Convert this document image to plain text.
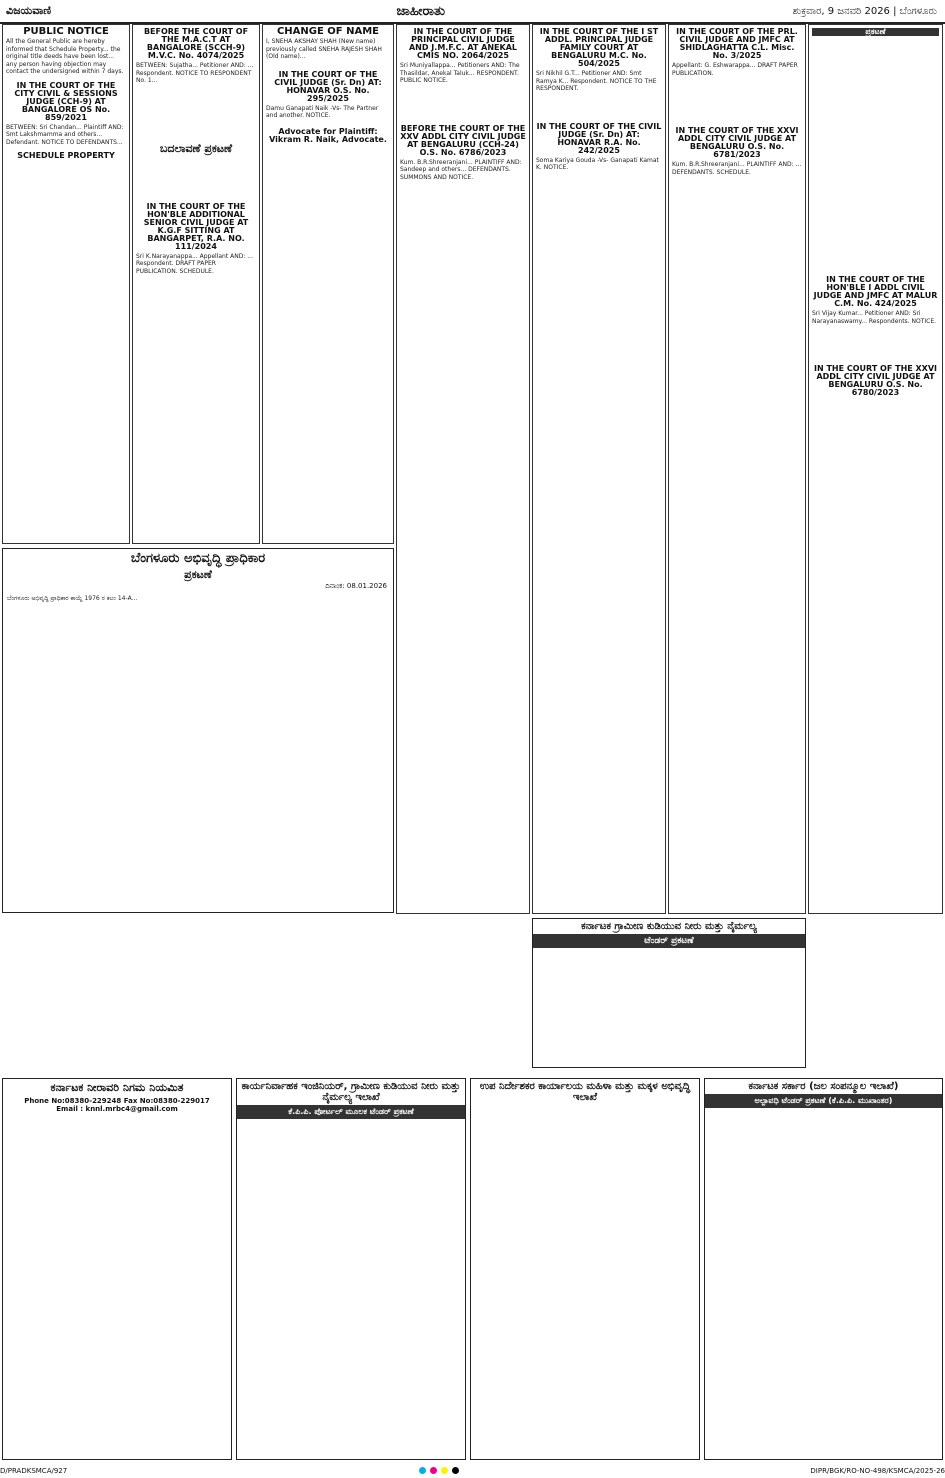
ವಿಜಯವಾಣಿ	ಜಾಹೀರಾತು	ಶುಕ್ರವಾರ, 9 ಜನವರಿ 2026 | ಬೆಂಗಳೂರು
PUBLIC NOTICE
All the General Public are hereby informed that Schedule Property... the original title deeds have been lost... any person having objection may contact the undersigned within 7 days.
IN THE COURT OF THE CITY CIVIL & SESSIONS JUDGE (CCH-9) AT BANGALORE OS No. 859/2021
BETWEEN: Sri Chandan... Plaintiff AND: Smt Lakshmamma and others... Defendant. NOTICE TO DEFENDANTS...
SCHEDULE PROPERTY
BEFORE THE COURT OF THE M.A.C.T AT BANGALORE (SCCH-9) M.V.C. No. 4074/2025
BETWEEN: Sujatha... Petitioner AND: ... Respondent. NOTICE TO RESPONDENT No. 1...
ಬದಲಾವಣೆ ಪ್ರಕಟಣೆ
IN THE COURT OF THE HON'BLE ADDITIONAL SENIOR CIVIL JUDGE AT K.G.F SITTING AT BANGARPET, R.A. NO. 111/2024
Sri K.Narayanappa... Appellant AND: ... Respondent. DRAFT PAPER PUBLICATION. SCHEDULE.
CHANGE OF NAME
I, SNEHA AKSHAY SHAH (New name) previously called SNEHA RAJESH SHAH (Old name)...
IN THE COURT OF THE CIVIL JUDGE (Sr. Dn) AT: HONAVAR O.S. No. 295/2025
Damu Ganapati Naik -Vs- The Partner and another. NOTICE.
Advocate for Plaintiff: Vikram R. Naik, Advocate.
IN THE COURT OF THE PRINCIPAL CIVIL JUDGE AND J.M.F.C. AT ANEKAL CMIS NO. 2064/2025
Sri Muniyallappa... Petitioners AND: The Thasildar, Anekal Taluk... RESPONDENT. PUBLIC NOTICE.
BEFORE THE COURT OF THE XXV ADDL CITY CIVIL JUDGE AT BENGALURU (CCH-24) O.S. No. 6786/2023
Kum. B.R.Shreeranjani... PLAINTIFF AND: Sandeep and others... DEFENDANTS. SUMMONS AND NOTICE.
IN THE COURT OF THE I ST ADDL. PRINCIPAL JUDGE FAMILY COURT AT BENGALURU M.C. No. 504/2025
Sri Nikhil G.T... Petitioner AND: Smt Ramya K... Respondent. NOTICE TO THE RESPONDENT.
IN THE COURT OF THE CIVIL JUDGE (Sr. Dn) AT: HONAVAR R.A. No. 242/2025
Soma Kariya Gouda -Vs- Ganapati Kamat K. NOTICE.
IN THE COURT OF THE PRL. CIVIL JUDGE AND JMFC AT SHIDLAGHATTA C.L. Misc. No. 3/2025
Appellant: G. Eshwarappa... DRAFT PAPER PUBLICATION.
IN THE COURT OF THE XXVI ADDL CITY CIVIL JUDGE AT BENGALURU O.S. No. 6781/2023
Kum. B.R.Shreeranjani... PLAINTIFF AND: ... DEFENDANTS. SCHEDULE.
ಪ್ರಕಟಣೆ
IN THE COURT OF THE HON'BLE I ADDL CIVIL JUDGE AND JMFC AT MALUR C.M. No. 424/2025
Sri Vijay Kumar... Petitioner AND: Sri Narayanaswamy... Respondents. NOTICE.
IN THE COURT OF THE XXVI ADDL CITY CIVIL JUDGE AT BENGALURU O.S. No. 6780/2023
ಬೆಂಗಳೂರು ಅಭಿವೃದ್ಧಿ ಪ್ರಾಧಿಕಾರ
ಪ್ರಕಟಣೆ
ದಿನಾಂಕ: 08.01.2026
ಬೆಂಗಳೂರು ಅಭಿವೃದ್ಧಿ ಪ್ರಾಧಿಕಾರ ಕಾಯ್ದೆ 1976 ರ ಕಲಂ 14-A...
ಕರ್ನಾಟಕ ಗ್ರಾಮೀಣ ಕುಡಿಯುವ ನೀರು ಮತ್ತು ನೈರ್ಮಲ್ಯ
ಟೆಂಡರ್ ಪ್ರಕಟಣೆ
ಕರ್ನಾಟಕ ನೀರಾವರಿ ನಿಗಮ ನಿಯಮಿತ
Phone No:08380-229248 Fax No:08380-229017
Email : knnl.mrbc4@gmail.com
ಕಾರ್ಯನಿರ್ವಾಹಕ ಇಂಜಿನಿಯರ್, ಗ್ರಾಮೀಣ ಕುಡಿಯುವ ನೀರು ಮತ್ತು ನೈರ್ಮಲ್ಯ ಇಲಾಖೆ
ಕೆ.ಪಿ.ಪಿ. ಪೋರ್ಟಲ್ ಮೂಲಕ ಟೆಂಡರ್ ಪ್ರಕಟಣೆ
ಉಪ ನಿರ್ದೇಶಕರ ಕಾರ್ಯಾಲಯ ಮಹಿಳಾ ಮತ್ತು ಮಕ್ಕಳ ಅಭಿವೃದ್ಧಿ ಇಲಾಖೆ
ಕರ್ನಾಟಕ ಸರ್ಕಾರ (ಜಲ ಸಂಪನ್ಮೂಲ ಇಲಾಖೆ)
ಅಲ್ಪಾವಧಿ ಟೆಂಡರ್ ಪ್ರಕಟಣೆ (ಕೆ.ಪಿ.ಪಿ. ಮುಖಾಂತರ)
D/PRADKSMCA/927	DIPR/BGK/RO-NO-498/KSMCA/2025-26
